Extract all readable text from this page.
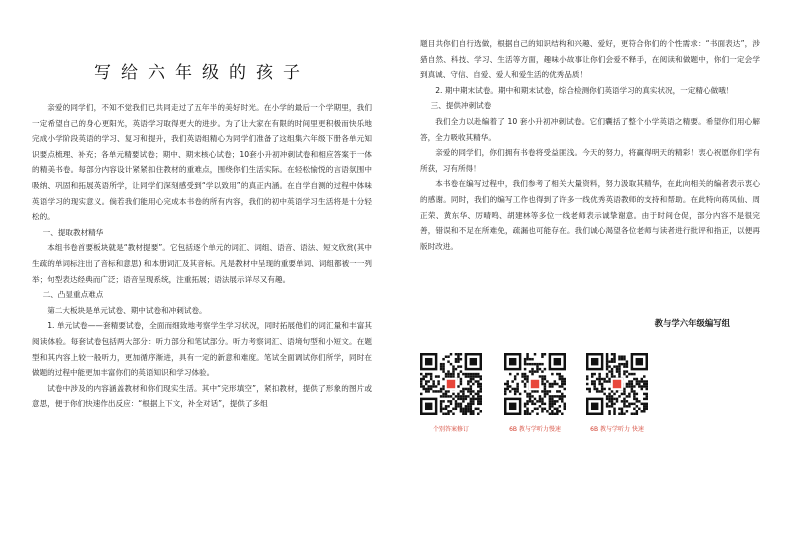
写给六年级的孩子

亲爱的同学们，不知不觉我们已共同走过了五年半的美好时光。在小学的最后一个学期里，我们一定希望自己的身心更阳光，英语学习取得更大的进步。为了让大家在有限的时间里更积极而快乐地完成小学阶段英语的学习、复习和提升，我们英语组精心为同学们准备了这组集六年级下册各单元知识要点梳理、补充；各单元精要试卷；期中、期末核心试卷；10套小升初冲刺试卷和相应答案于一体的精美书卷。每部分内容设计紧紧扣住教材的重难点，围绕你们生活实际。在轻松愉悦的言语氛围中吸纳、巩固和拓展英语所学，让同学们深刻感受到“学以致用”的真正内涵。在自学自测的过程中体味英语学习的现实意义。倘若我们能用心完成本书卷的所有内容，我们的初中英语学习生活将是十分轻松的。

一、提取教材精华

本组书卷首要板块就是“教材提要”。它包括逐个单元的词汇、词组、语音、语法、短文欣赏(其中生疏的单词标注出了音标和意思) 和本册词汇及其音标。凡是教材中呈现的重要单词、词组都被一一列举；句型表达经典而广泛；语音呈现系统，注重拓展；语法展示详尽又有趣。

二、凸显重点难点

第二大板块是单元试卷、期中试卷和冲刺试卷。

1. 单元试卷——套精要试卷，全面而细致地考察学生学习状况，同时拓展他们的词汇量和丰富其阅读体验。每套试卷包括两大部分：听力部分和笔试部分。听力考察词汇、语境句型和小短文。在题型和其内容上较一般听力，更加循序渐进，具有一定的新意和难度。笔试全面调试你们所学，同时在做题的过程中能更加丰富你们的英语知识和学习体验。

试卷中涉及的内容涵盖教材和你们现实生活。其中“完形填空”，紧扣教材，提供了形象的图片或意思，便于你们快速作出反应：“根据上下文，补全对话”，提供了多组

题目共你们自行选做，根据自己的知识结构和兴趣、爱好，更符合你们的个性需求：“书面表达”，涉猎自然、科技、学习、生活等方面，趣味小故事让你们会爱不释手，在阅读和做题中，你们一定会学到真诚、守信、自爱、爱人和爱生活的优秀品质！

2. 期中期末试卷。期中和期末试卷，综合检测你们英语学习的真实状况，一定精心做哦！

三、提供冲刺试卷

我们全力以赴编着了 10 套小升初冲刺试卷。它们囊括了整个小学英语之精要。希望你们用心解答，全力吸收其精华。

亲爱的同学们，你们拥有书卷将受益匪浅。今天的努力，将赢得明天的精彩！衷心祝愿你们学有所获，习有所得！

本书卷在编写过程中，我们参考了相关大量资料，努力汲取其精华，在此向相关的编者表示衷心的感谢。同时，我们的编写工作也得到了许多一线优秀英语教师的支持和帮助。在此特向蒋凤仙、周正荣、黄东华、厉晴鸣、胡建林等多位一线老师表示诚挚谢意。由于时间仓促，部分内容不是很完善，错误和不足在所难免，疏漏也可能存在。我们诚心渴望各位老师与读者进行批评和指正，以便再版时改进。

教与学六年级编写组
个别答案修订	6B 教与学听力慢速	6B 教与学听力 快速
